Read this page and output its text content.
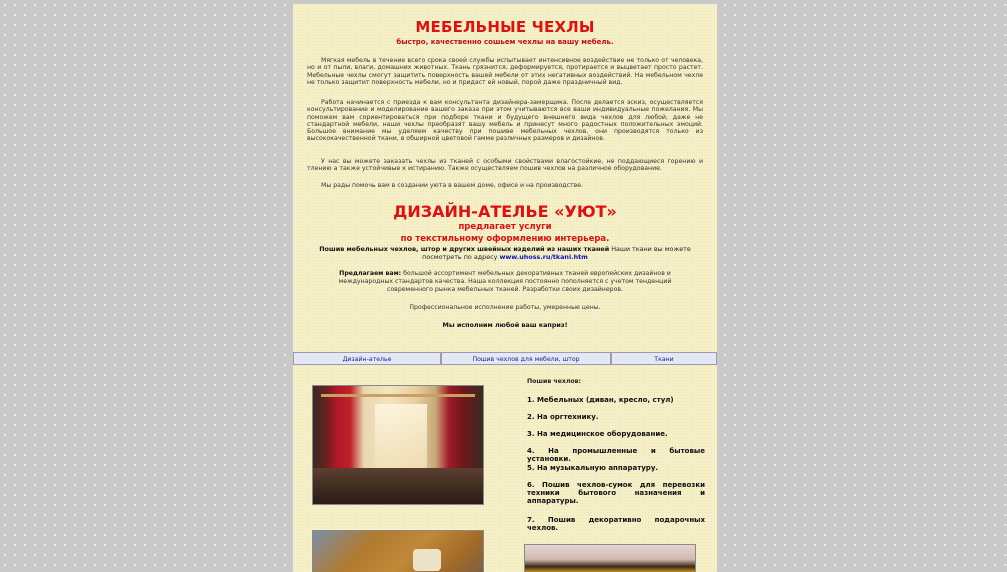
МЕБЕЛЬНЫЕ ЧЕХЛЫ
быстро, качественно сошьем чехлы на вашу мебель.
Мягкая мебель в течение всего срока своей службы испытывает интенсивное воздействие не только от человека, но и от пыли, влаги, домашних животных. Ткань грязнится, деформируется, протирается и выцветает просто растет. Мебельные чехлы смогут защитить поверхность вашей мебели от этих негативных воздействий. На мебельном чехле не только защитит поверхность мебели, но и придаст ей новый, порой даже праздничный вид.
Работа начинается с приезда к вам консультанта дизайнера-замерщика. После делается эскиз, осуществляется консультирование и моделирование вашего заказа при этом учитываются все ваши индивидуальные пожелания. Мы поможем вам сориентироваться при подборе ткани и будущего внешнего вида чехлов для любой, даже не стандартной мебели, наши чехлы преобразят вашу мебель и принесут много радостных положительных эмоций. Большое внимание мы уделяем качеству при пошиве мебельных чехлов, они производятся только из высококачественной ткани, в обширной цветовой гамме различных размеров и дизайнов.
У нас вы можете заказать чехлы из тканей с особыми свойствами влагостойкие, не поддающиеся горению и тлению а также устойчивые к истиранию. Также осуществляем пошив чехлов на различное оборудование.
Мы рады помочь вам в создании уюта в вашем доме, офисе и на производстве.
ДИЗАЙН-АТЕЛЬЕ «УЮТ»
предлагает услуги
по текстильному оформлению интерьера.
Пошив мебельных чехлов, штор и других швейных изделий из наших тканей Наши ткани вы можете посмотреть по адресу www.uhoss.ru/tkani.htm
Предлагаем вам: большой ассортимент мебельных декоративных тканей европейских дизайнов и международных стандартов качества. Наша коллекция постоянно пополняется с учетом тенденций современного рынка мебельных тканей. Разработки своих дизайнеров.
Профессиональное исполнение работы, умеренные цены.
Мы исполним любой ваш каприз!
Дизайн-ателье	Пошив чехлов для мебели, штор	Ткани
Пошив чехлов:
1. Мебельных (диван, кресло, стул)
2. На оргтехнику.
3. На медицинское оборудование.
4. На промышленные и бытовые установки.
5. На музыкальную аппаратуру.
6. Пошив чехлов-сумок для перевозки техники бытового назначения и аппаратуры.
7. Пошив декоративно подарочных чехлов.
